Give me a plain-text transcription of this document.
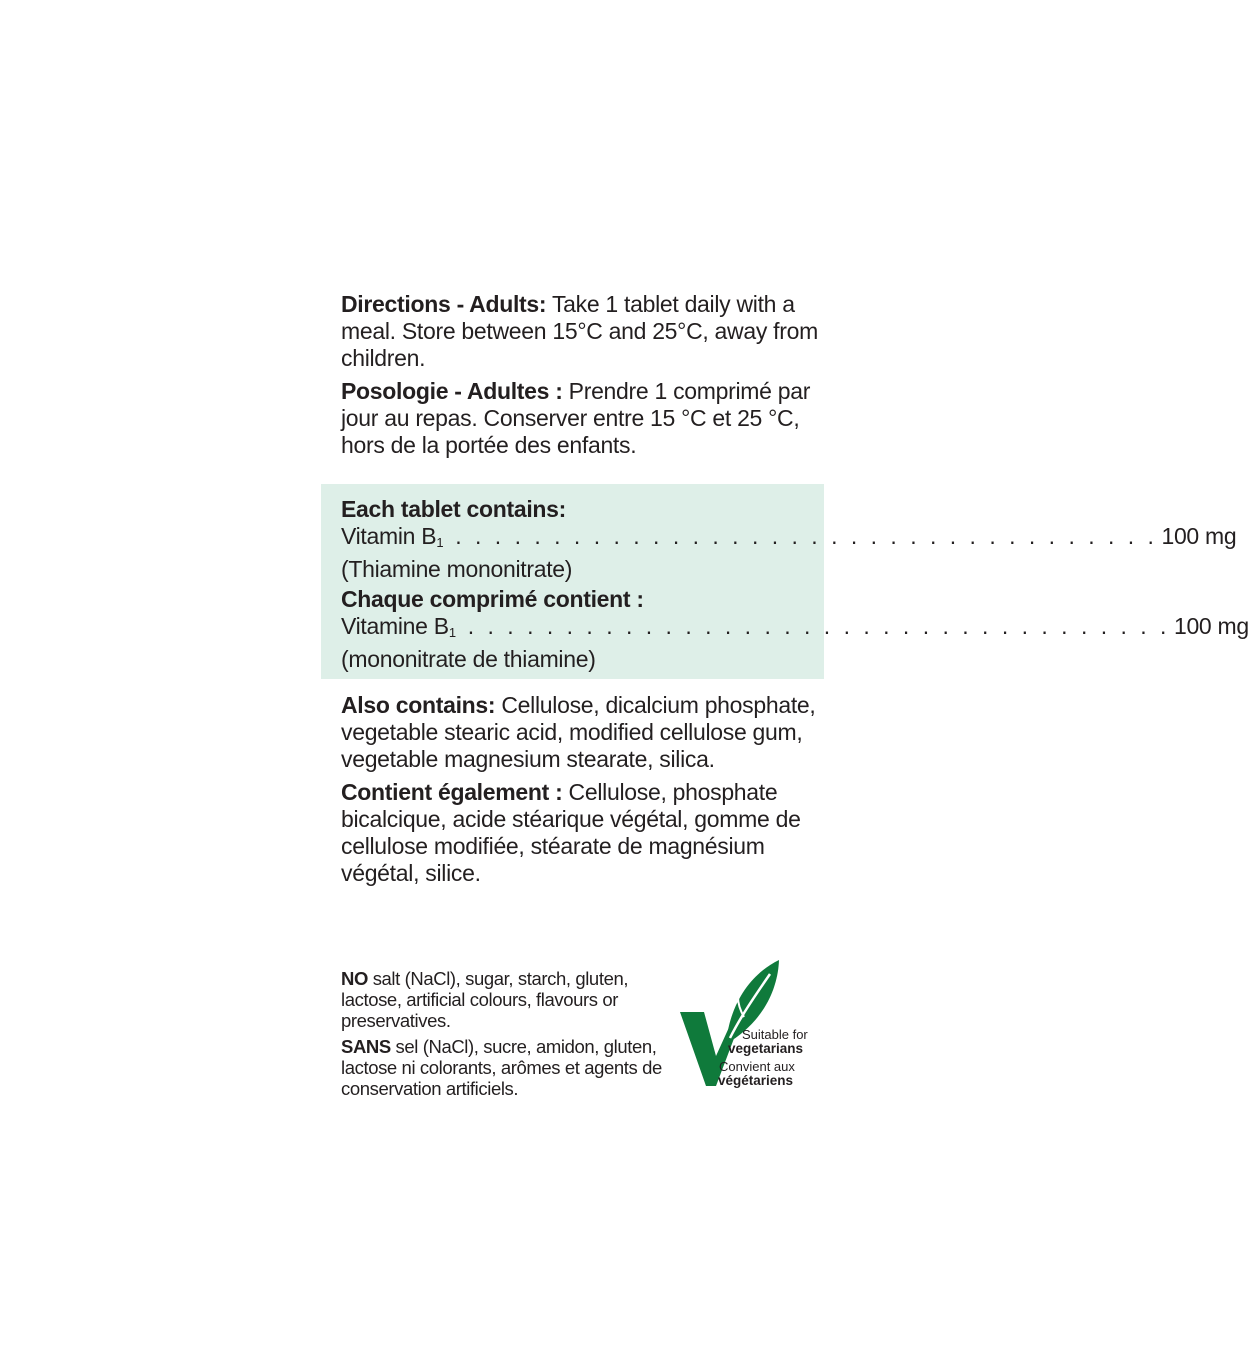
Directions - Adults: Take 1 tablet daily with a meal. Store between 15°C and 25°C, away from children.

Posologie - Adultes : Prendre 1 comprimé par jour au repas. Conserver entre 15 °C et 25 °C, hors de la portée des enfants.

Each tablet contains:
Vitamin $B_1$ . . . . . . . . . . . . . . . . . . . . . . . . . . . . . . . . . . . . 100 mg
(Thiamine mononitrate)
Chaque comprimé contient :
Vitamine $B_1$ . . . . . . . . . . . . . . . . . . . . . . . . . . . . . . . . . . . . 100 mg
(mononitrate de thiamine)

Also contains: Cellulose, dicalcium phosphate, vegetable stearic acid, modified cellulose gum, vegetable magnesium stearate, silica.

Contient également : Cellulose, phosphate bicalcique, acide stéarique végétal, gomme de cellulose modifiée, stéarate de magnésium végétal, silice.

NO salt (NaCl), sugar, starch, gluten, lactose, artificial colours, flavours or preservatives.

SANS sel (NaCl), sucre, amidon, gluten, lactose ni colorants, arômes et agents de conservation artificiels.

Suitable for
vegetarians
Convient aux
végétariens
